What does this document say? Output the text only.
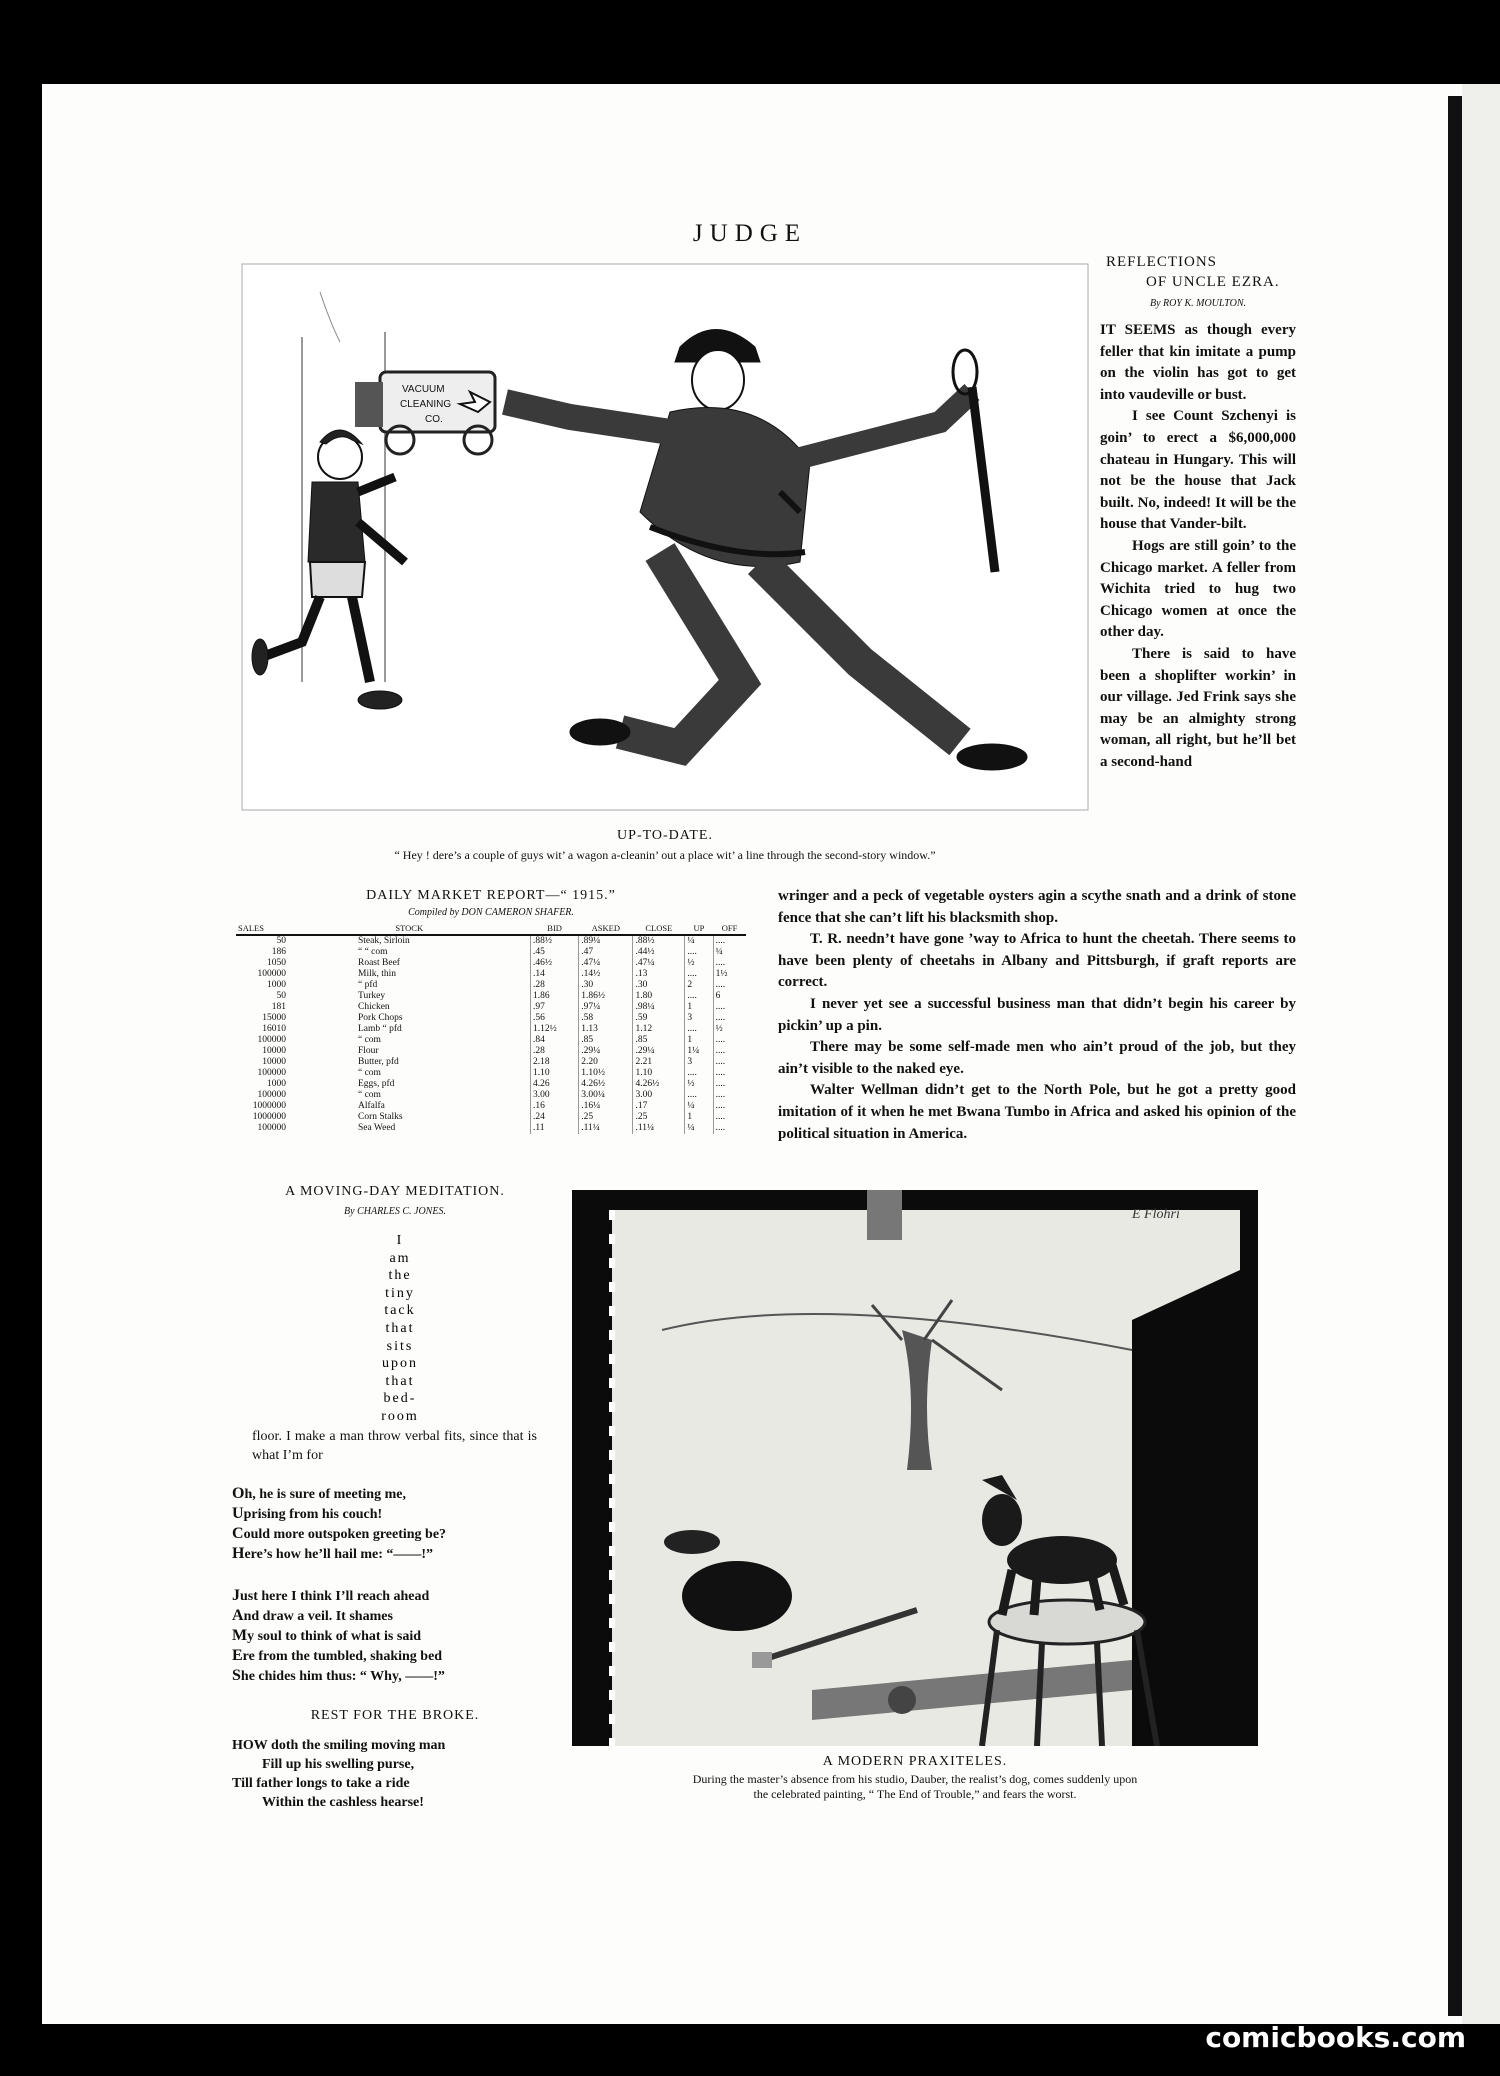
JUDGE
VACUUM
CLEANING
CO.
UP-TO-DATE.
“ Hey ! dere’s a couple of guys wit’ a wagon a-cleanin’ out a place wit’ a line through the second-story window.”
REFLECTIONS
OF UNCLE EZRA.
By ROY K. MOULTON.

IT SEEMS as though every feller that kin imitate a pump on the violin has got to get into vaudeville or bust.

I see Count Szchenyi is goin’ to erect a $6,000,000 chateau in Hungary. This will not be the house that Jack built. No, indeed! It will be the house that Vander-bilt.

Hogs are still goin’ to the Chicago market. A feller from Wichita tried to hug two Chicago women at once the other day.

There is said to have been a shoplifter workin’ in our village. Jed Frink says she may be an almighty strong woman, all right, but he’ll bet a second-hand

wringer and a peck of vegetable oysters agin a scythe snath and a drink of stone fence that she can’t lift his blacksmith shop.

T. R. needn’t have gone ’way to Africa to hunt the cheetah. There seems to have been plenty of cheetahs in Albany and Pittsburgh, if graft reports are correct.

I never yet see a successful business man that didn’t begin his career by pickin’ up a pin.

There may be some self-made men who ain’t proud of the job, but they ain’t visible to the naked eye.

Walter Wellman didn’t get to the North Pole, but he got a pretty good imitation of it when he met Bwana Tumbo in Africa and asked his opinion of the political situation in America.

DAILY MARKET REPORT—“ 1915.”
Compiled by DON CAMERON SHAFER.
SALES	STOCK	BID	ASKED	CLOSE	UP	OFF
50	Steak, Sirloin	.88½	.89¼	.88½	¼	....
186	“ “ com	.45	.47	.44½	....	¼
1050	Roast Beef	.46½	.47¼	.47¼	½	....
100000	Milk, thin	.14	.14½	.13	....	1½
1000	“ pfd	.28	.30	.30	2	....
50	Turkey	1.86	1.86½	1.80	....	6
181	Chicken	.97	.97¼	.98¼	1	....
15000	Pork Chops	.56	.58	.59	3	....
16010	Lamb “ pfd	1.12½	1.13	1.12	....	½
100000	“ com	.84	.85	.85	1	....
10000	Flour	.28	.29¼	.29¼	1¼	....
10000	Butter, pfd	2.18	2.20	2.21	3	....
100000	“ com	1.10	1.10½	1.10	....	....
1000	Eggs, pfd	4.26	4.26½	4.26½	½	....
100000	“ com	3.00	3.00¼	3.00	....	....
1000000	Alfalfa	.16	.16¼	.17	¼	....
1000000	Corn Stalks	.24	.25	.25	1	....
100000	Sea Weed	.11	.11¼	.11¼	¼	....
A MOVING-DAY MEDITATION.
By CHARLES C. JONES.
I
am
the
tiny
tack
that
sits
upon
that
bed-
room
floor. I make a man throw verbal fits, since that is what I’m for

Oh, he is sure of meeting me,

Uprising from his couch!

Could more outspoken greeting be?

Here’s how he’ll hail me: “——!”

Just here I think I’ll reach ahead

And draw a veil. It shames

My soul to think of what is said

Ere from the tumbled, shaking bed

She chides him thus: “ Why, ——!”

REST FOR THE BROKE.

HOW doth the smiling moving man

Fill up his swelling purse,

Till father longs to take a ride

Within the cashless hearse!

E Flohri
A MODERN PRAXITELES.
During the master’s absence from his studio, Dauber, the realist’s dog, comes suddenly upon
the celebrated painting, “ The End of Trouble,” and fears the worst.
comicbooks.com
